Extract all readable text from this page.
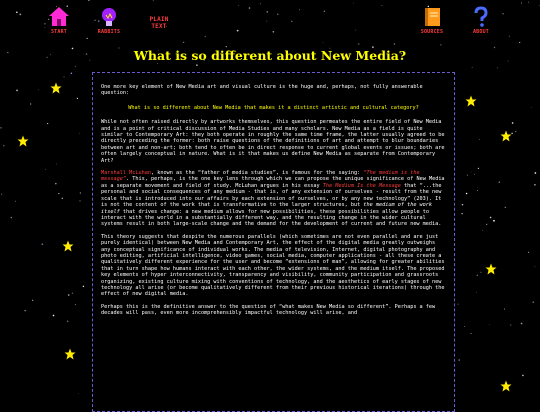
START	RABBITS
PLAIN TEXT
SOURCES	ABOUT
What is so different about New Media?

One more key element of New Media art and visual culture is the huge and, perhaps, not fully answerable question:

What is so different about New Media that makes it a distinct artistic and cultural category?

While not often raised directly by artworks themselves, this question permeates the entire field of New Media and is a point of critical discussion of Media Studies and many scholars. New Media as a field is quite similar to Contemporary Art: they both operate in roughly the same time frame, the latter usually agreed to be directly preceding the former: both raise questions of the definitions of art and attempt to blur boundaries between art and non-art; both tend to often be in direct response to current global events or issues; both are often largely conceptual in nature. What is it that makes us define New Media as separate from Contemporary Art?

Marshall McLuhan, known as the “father of media studies”, is famous for the saying: “The medium is the message”. This, perhaps, is the one key lens through which we can propose the unique significance of New Media as a separate movement and field of study. McLuhan argues in his essay The Medium Is the Message that “...the personal and social consequences of any medium - that is, of any extension of ourselves - result from the new scale that is introduced into our affairs by each extension of ourselves, or by any new technology” (203). It is not the content of the work that is transformative to the larger structures, but the medium of the work itself that drives change: a new medium allows for new possibilities, these possibilities allow people to interact with the world in a substantially different way, and the resulting change in the wider cultural systems result in both large-scale change and the demand for the development of current and future new media.

This theory suggests that despite the numerous parallels (which sometimes are not even parallel and are just purely identical) between New Media and Contemporary Art, the effect of the digital media greatly outweighs any conceptual significance of individual works. The media of television, Internet, digital photography and photo editing, artificial intelligence, video games, social media, computer applications - all these create a qualitatively different experience for the user and become “extensions of man”, allowing for greater abilities that in turn shape how humans interact with each other, the wider systems, and the medium itself. The proposed key elements of hyper interconnectivity, transparency and visibility, community participation and grassroots organizing, existing culture mixing with conventions of technology, and the aesthetics of early stages of new technology all arise (or become qualitatively different from their previous historical iterations) through the effect of new digital media.

Perhaps this is the definitive answer to the question of “what makes New Media so different”. Perhaps a few decades will pass, even more incomprehensibly impactful technology will arise, and
